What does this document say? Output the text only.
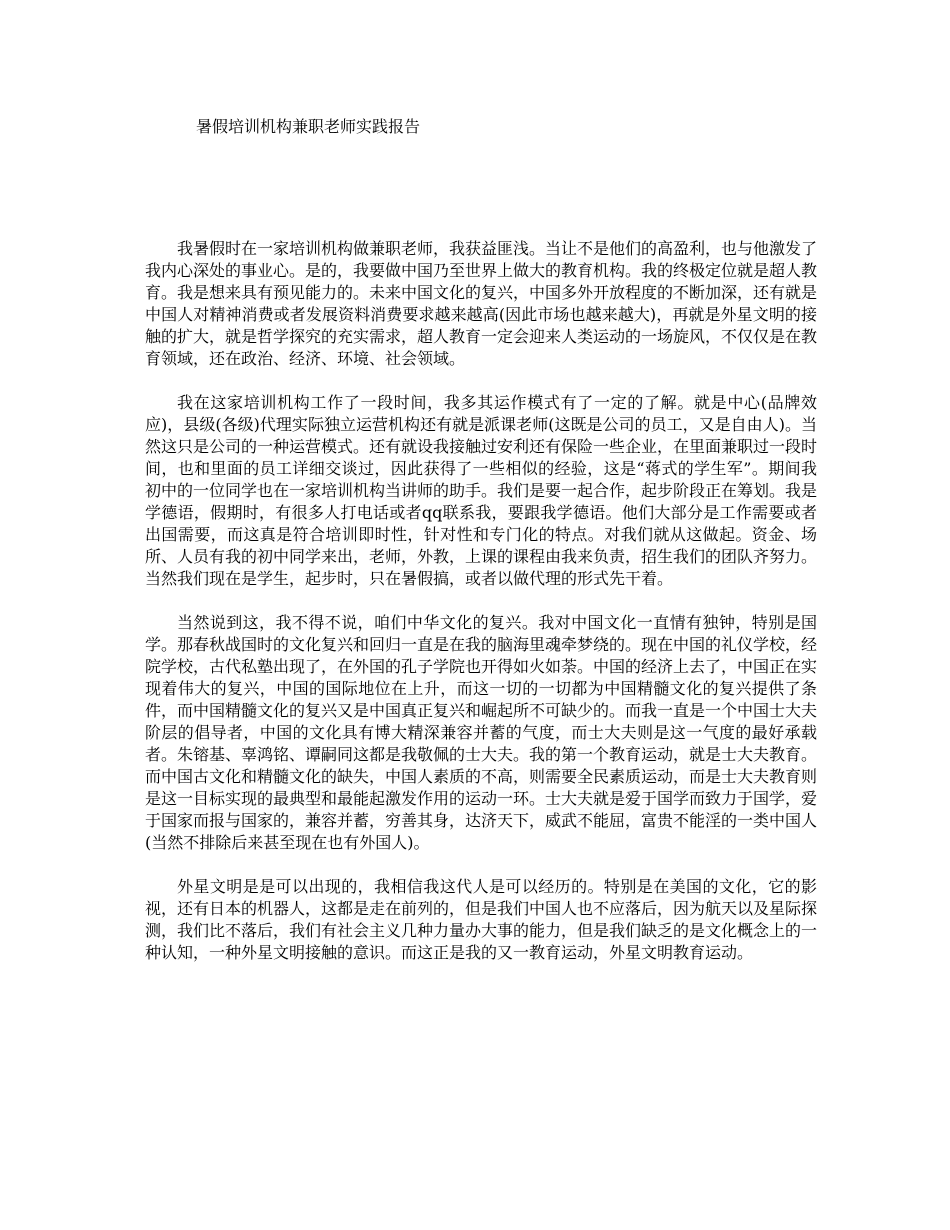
暑假培训机构兼职老师实践报告

我暑假时在一家培训机构做兼职老师，我获益匪浅。当让不是他们的高盈利，也与他激发了我内心深处的事业心。是的，我要做中国乃至世界上做大的教育机构。我的终极定位就是超人教育。我是想来具有预见能力的。未来中国文化的复兴，中国多外开放程度的不断加深，还有就是中国人对精神消费或者发展资料消费要求越来越高(因此市场也越来越大)，再就是外星文明的接触的扩大，就是哲学探究的充实需求，超人教育一定会迎来人类运动的一场旋风，不仅仅是在教育领域，还在政治、经济、环境、社会领域。

我在这家培训机构工作了一段时间，我多其运作模式有了一定的了解。就是中心(品牌效应)，县级(各级)代理实际独立运营机构还有就是派课老师(这既是公司的员工，又是自由人)。当然这只是公司的一种运营模式。还有就设我接触过安利还有保险一些企业，在里面兼职过一段时间，也和里面的员工详细交谈过，因此获得了一些相似的经验，这是“蒋式的学生军”。期间我初中的一位同学也在一家培训机构当讲师的助手。我们是要一起合作，起步阶段正在筹划。我是学德语，假期时，有很多人打电话或者qq联系我，要跟我学德语。他们大部分是工作需要或者出国需要，而这真是符合培训即时性，针对性和专门化的特点。对我们就从这做起。资金、场所、人员有我的初中同学来出，老师，外教，上课的课程由我来负责，招生我们的团队齐努力。当然我们现在是学生，起步时，只在暑假搞，或者以做代理的形式先干着。

当然说到这，我不得不说，咱们中华文化的复兴。我对中国文化一直情有独钟，特别是国学。那春秋战国时的文化复兴和回归一直是在我的脑海里魂牵梦绕的。现在中国的礼仪学校，经院学校，古代私塾出现了，在外国的孔子学院也开得如火如荼。中国的经济上去了，中国正在实现着伟大的复兴，中国的国际地位在上升，而这一切的一切都为中国精髓文化的复兴提供了条件，而中国精髓文化的复兴又是中国真正复兴和崛起所不可缺少的。而我一直是一个中国士大夫阶层的倡导者，中国的文化具有博大精深兼容并蓄的气度，而士大夫则是这一气度的最好承载者。朱镕基、辜鸿铭、谭嗣同这都是我敬佩的士大夫。我的第一个教育运动，就是士大夫教育。而中国古文化和精髓文化的缺失，中国人素质的不高，则需要全民素质运动，而是士大夫教育则是这一目标实现的最典型和最能起激发作用的运动一环。士大夫就是爱于国学而致力于国学，爱于国家而报与国家的，兼容并蓄，穷善其身，达济天下，威武不能屈，富贵不能淫的一类中国人(当然不排除后来甚至现在也有外国人)。

外星文明是是可以出现的，我相信我这代人是可以经历的。特别是在美国的文化，它的影视，还有日本的机器人，这都是走在前列的，但是我们中国人也不应落后，因为航天以及星际探测，我们比不落后，我们有社会主义几种力量办大事的能力，但是我们缺乏的是文化概念上的一种认知，一种外星文明接触的意识。而这正是我的又一教育运动，外星文明教育运动。
